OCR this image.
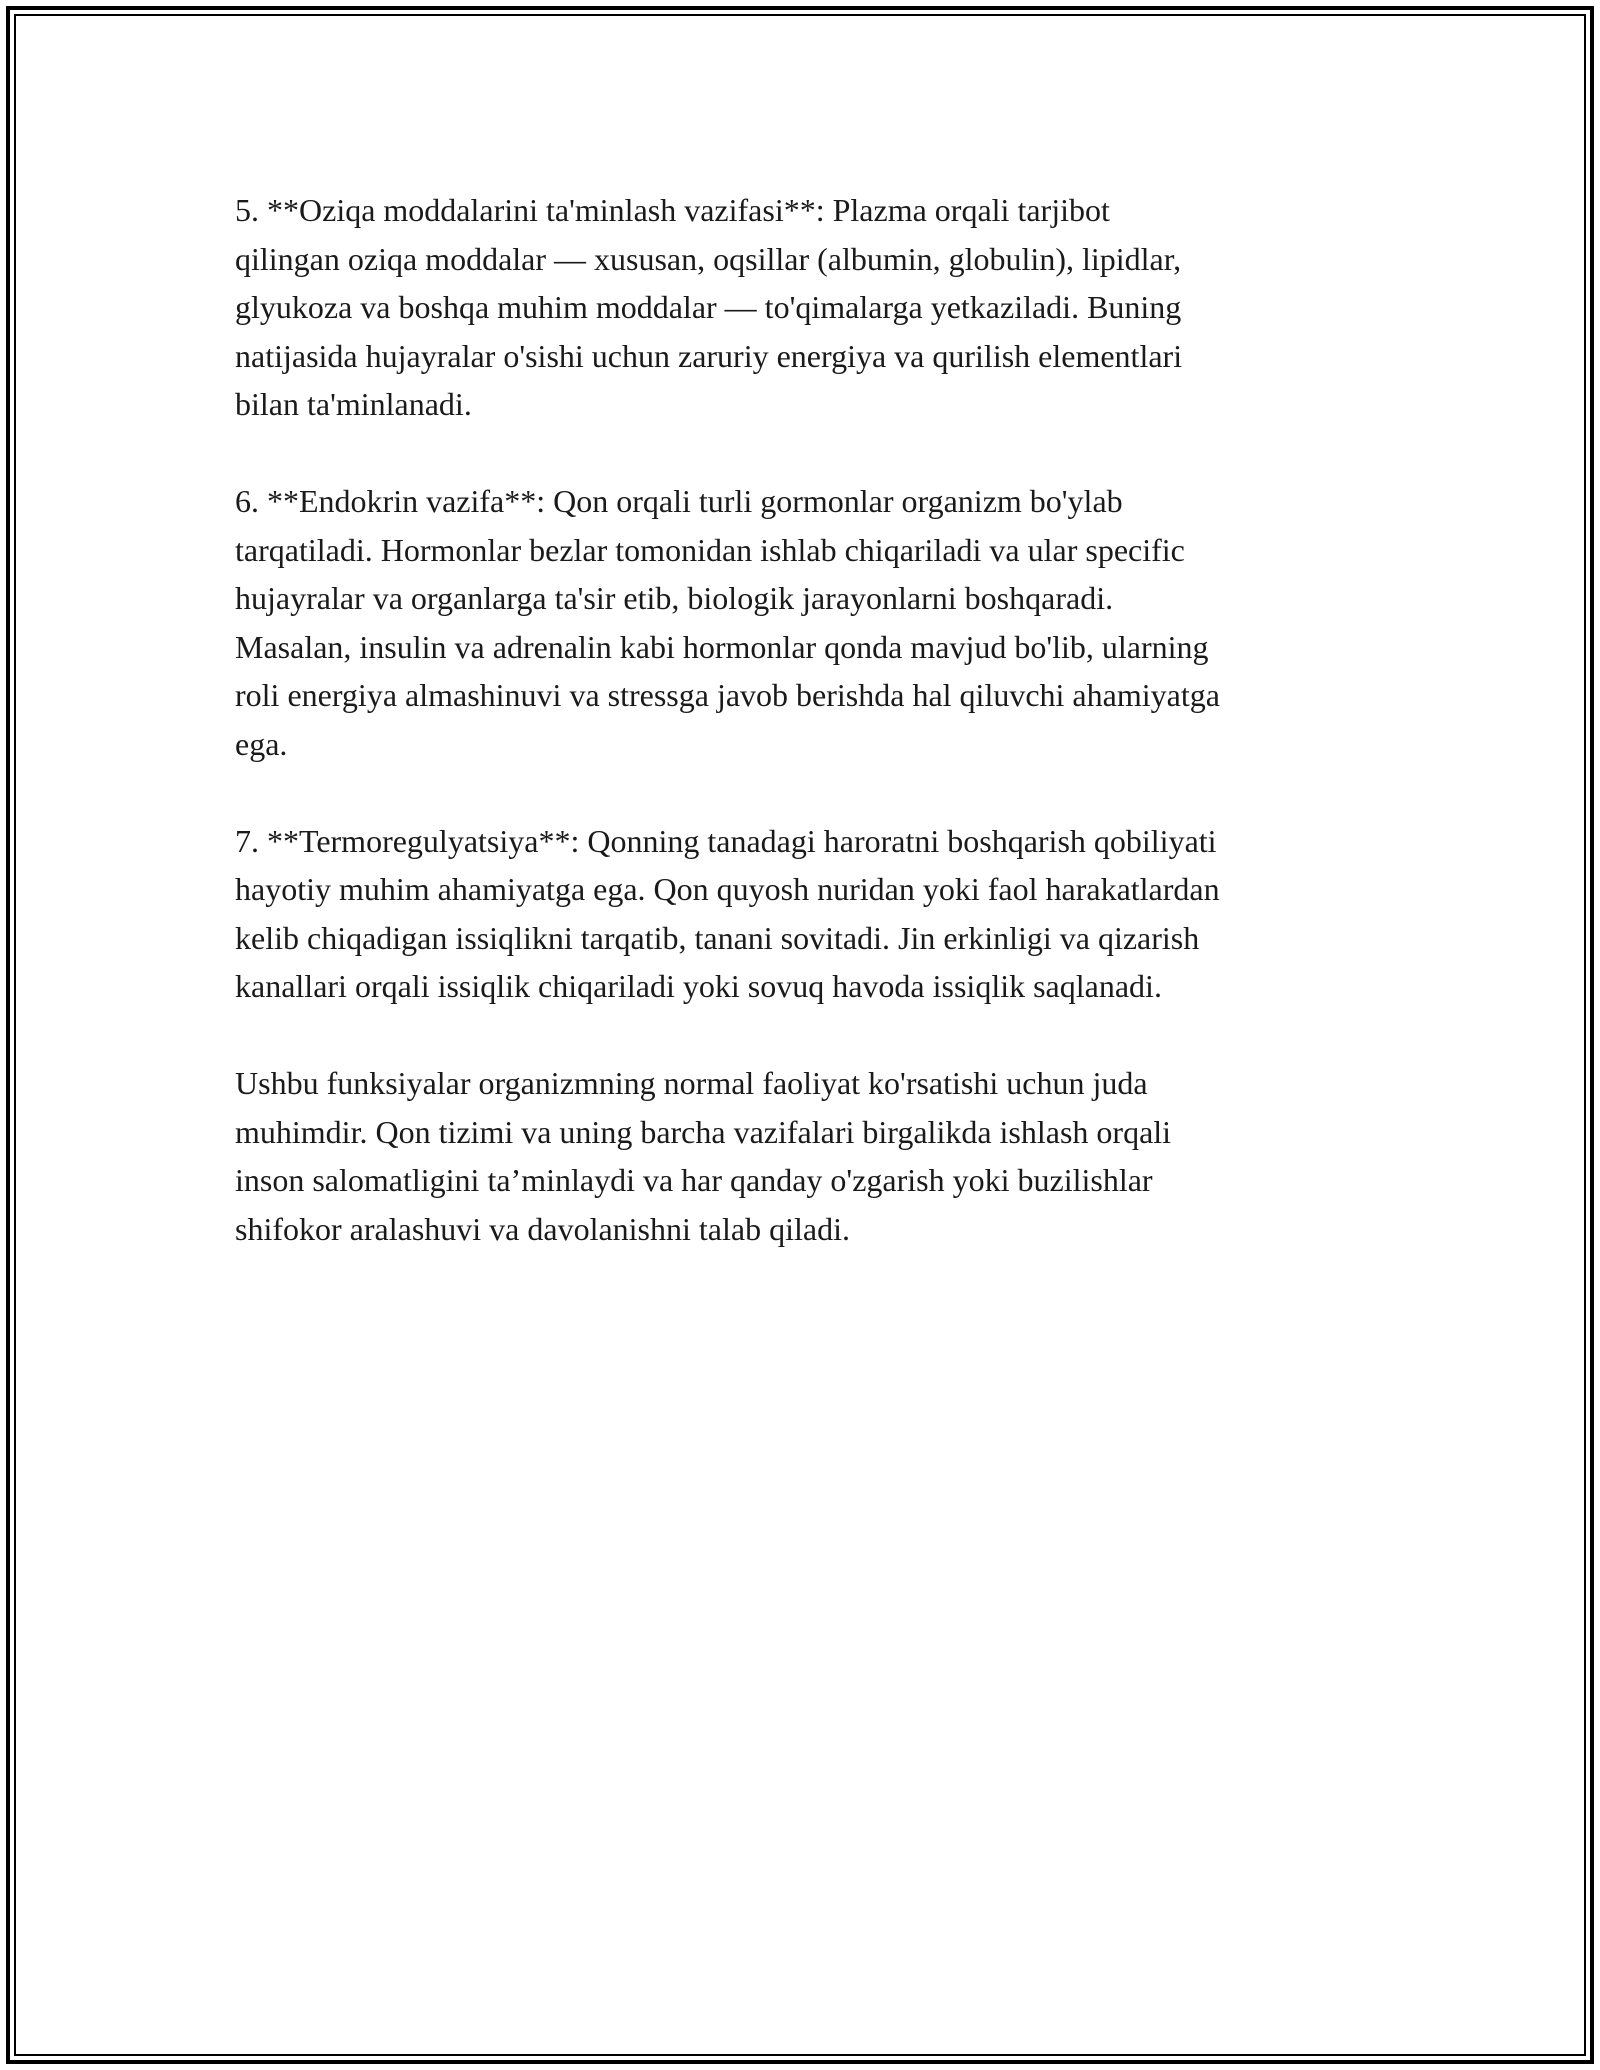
5. **Oziqa moddalarini ta'minlash vazifasi**: Plazma orqali tarjibot
qilingan oziqa moddalar — xususan, oqsillar (albumin, globulin), lipidlar,
glyukoza va boshqa muhim moddalar — to'qimalarga yetkaziladi. Buning
natijasida hujayralar o'sishi uchun zaruriy energiya va qurilish elementlari
bilan ta'minlanadi.

6. **Endokrin vazifa**: Qon orqali turli gormonlar organizm bo'ylab
tarqatiladi. Hormonlar bezlar tomonidan ishlab chiqariladi va ular specific
hujayralar va organlarga ta'sir etib, biologik jarayonlarni boshqaradi.
Masalan, insulin va adrenalin kabi hormonlar qonda mavjud bo'lib, ularning
roli energiya almashinuvi va stressga javob berishda hal qiluvchi ahamiyatga
ega.

7. **Termoregulyatsiya**: Qonning tanadagi haroratni boshqarish qobiliyati
hayotiy muhim ahamiyatga ega. Qon quyosh nuridan yoki faol harakatlardan
kelib chiqadigan issiqlikni tarqatib, tanani sovitadi. Jin erkinligi va qizarish
kanallari orqali issiqlik chiqariladi yoki sovuq havoda issiqlik saqlanadi.

Ushbu funksiyalar organizmning normal faoliyat ko'rsatishi uchun juda
muhimdir. Qon tizimi va uning barcha vazifalari birgalikda ishlash orqali
inson salomatligini ta’minlaydi va har qanday o'zgarish yoki buzilishlar
shifokor aralashuvi va davolanishni talab qiladi.
